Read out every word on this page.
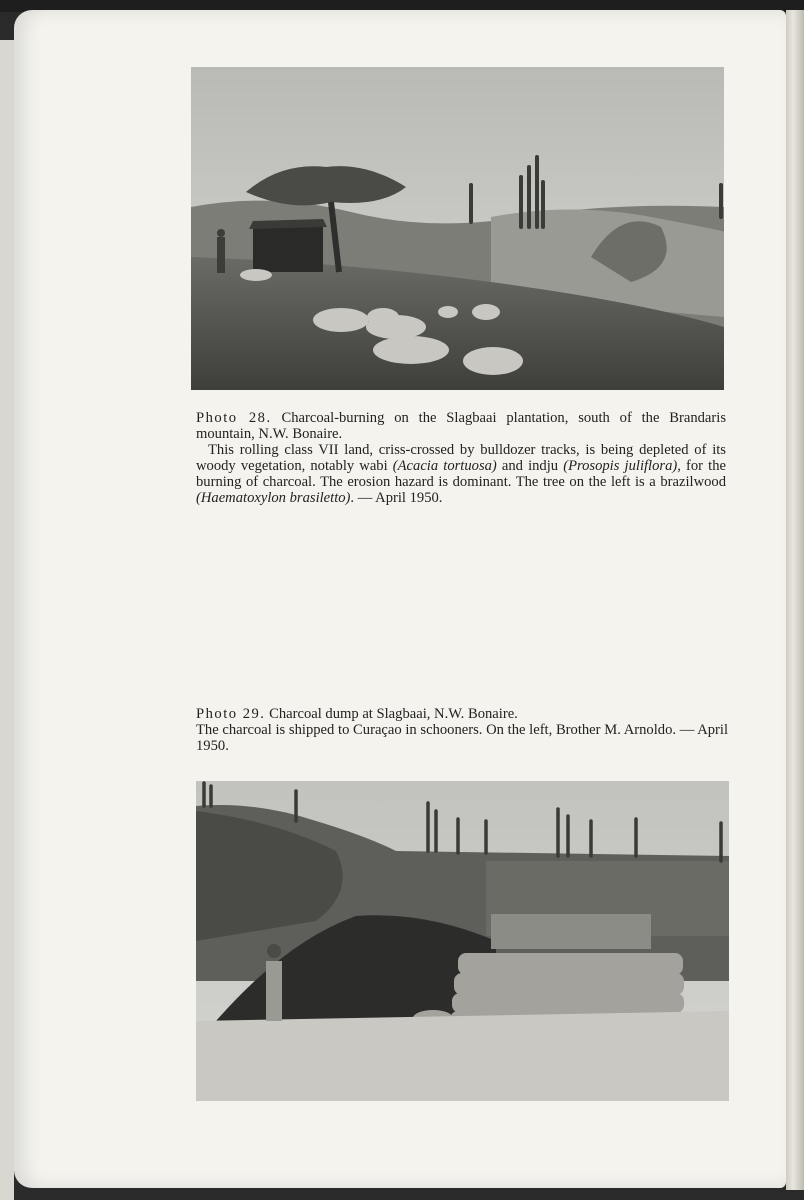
Photo 28. Charcoal-burning on the Slagbaai plantation, south of the Brandaris mountain, N.W. Bonaire.

This rolling class VII land, criss-crossed by bulldozer tracks, is being depleted of its woody vegetation, notably wabi (Acacia tortuosa) and indju (Prosopis juliflora), for the burning of charcoal. The erosion hazard is dominant. The tree on the left is a brazilwood (Haematoxylon brasiletto). — April 1950.

Photo 29. Charcoal dump at Slagbaai, N.W. Bonaire.

The charcoal is shipped to Curaçao in schooners. On the left, Brother M. Arnoldo. — April 1950.
